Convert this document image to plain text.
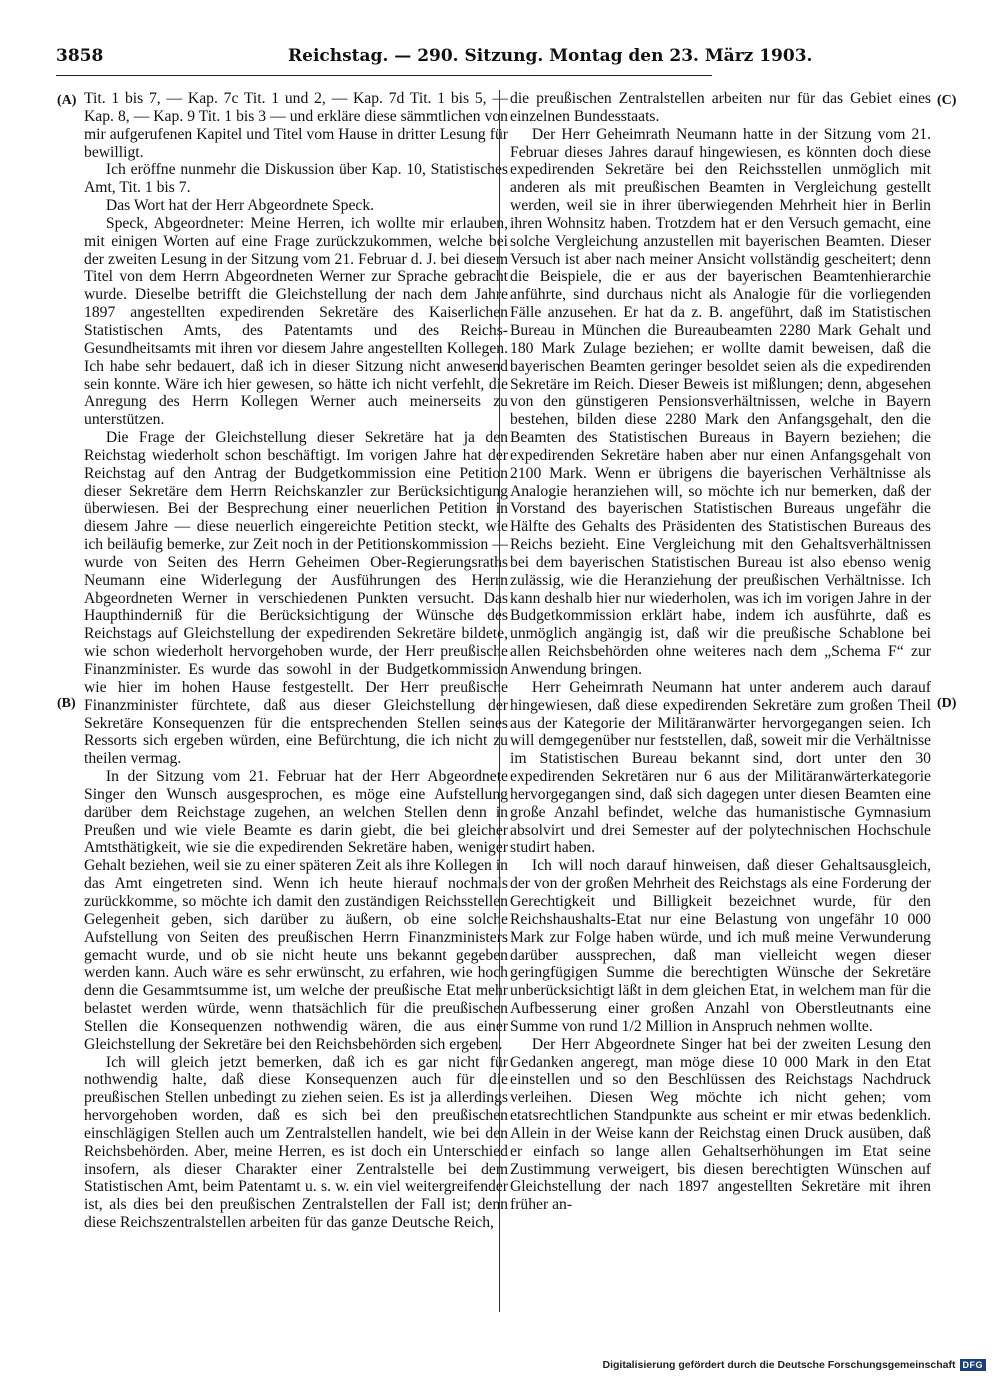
3858	Reichstag. — 290. Sitzung. Montag den 23. März 1903.
(A)
(B)
(C)
(D)

Tit. 1 bis 7, — Kap. 7c Tit. 1 und 2, — Kap. 7d Tit. 1 bis 5, — Kap. 8, — Kap. 9 Tit. 1 bis 3 — und erkläre diese sämmtlichen von mir aufgerufenen Kapitel und Titel vom Hause in dritter Lesung für bewilligt.

Ich eröffne nunmehr die Diskussion über Kap. 10, Statistisches Amt, Tit. 1 bis 7.

Das Wort hat der Herr Abgeordnete Speck.

Speck, Abgeordneter: Meine Herren, ich wollte mir erlauben, mit einigen Worten auf eine Frage zurückzukommen, welche bei der zweiten Lesung in der Sitzung vom 21. Februar d. J. bei diesem Titel von dem Herrn Abgeordneten Werner zur Sprache gebracht wurde. Dieselbe betrifft die Gleichstellung der nach dem Jahre 1897 angestellten expedirenden Sekretäre des Kaiserlichen Statistischen Amts, des Patentamts und des Reichs-Gesundheitsamts mit ihren vor diesem Jahre angestellten Kollegen. Ich habe sehr bedauert, daß ich in dieser Sitzung nicht anwesend sein konnte. Wäre ich hier gewesen, so hätte ich nicht verfehlt, die Anregung des Herrn Kollegen Werner auch meinerseits zu unterstützen.

Die Frage der Gleichstellung dieser Sekretäre hat ja den Reichstag wiederholt schon beschäftigt. Im vorigen Jahre hat der Reichstag auf den Antrag der Budgetkommission eine Petition dieser Sekretäre dem Herrn Reichskanzler zur Berücksichtigung überwiesen. Bei der Besprechung einer neuerlichen Petition in diesem Jahre — diese neuerlich eingereichte Petition steckt, wie ich beiläufig bemerke, zur Zeit noch in der Petitionskommission — wurde von Seiten des Herrn Geheimen Ober-Regierungsraths Neumann eine Widerlegung der Ausführungen des Herrn Abgeordneten Werner in verschiedenen Punkten versucht. Das Haupthinderniß für die Berücksichtigung der Wünsche des Reichstags auf Gleichstellung der expedirenden Sekretäre bildete, wie schon wiederholt hervorgehoben wurde, der Herr preußische Finanzminister. Es wurde das sowohl in der Budgetkommission wie hier im hohen Hause festgestellt. Der Herr preußische Finanzminister fürchtete, daß aus dieser Gleichstellung der Sekretäre Konsequenzen für die entsprechenden Stellen seines Ressorts sich ergeben würden, eine Befürchtung, die ich nicht zu theilen vermag.

In der Sitzung vom 21. Februar hat der Herr Abgeordnete Singer den Wunsch ausgesprochen, es möge eine Aufstellung darüber dem Reichstage zugehen, an welchen Stellen denn in Preußen und wie viele Beamte es darin giebt, die bei gleicher Amtsthätigkeit, wie sie die expedirenden Sekretäre haben, weniger Gehalt beziehen, weil sie zu einer späteren Zeit als ihre Kollegen in das Amt eingetreten sind. Wenn ich heute hierauf nochmals zurückkomme, so möchte ich damit den zuständigen Reichsstellen Gelegenheit geben, sich darüber zu äußern, ob eine solche Aufstellung von Seiten des preußischen Herrn Finanzministers gemacht wurde, und ob sie nicht heute uns bekannt gegeben werden kann. Auch wäre es sehr erwünscht, zu erfahren, wie hoch denn die Gesammtsumme ist, um welche der preußische Etat mehr belastet werden würde, wenn thatsächlich für die preußischen Stellen die Konsequenzen nothwendig wären, die aus einer Gleichstellung der Sekretäre bei den Reichsbehörden sich ergeben.

Ich will gleich jetzt bemerken, daß ich es gar nicht für nothwendig halte, daß diese Konsequenzen auch für die preußischen Stellen unbedingt zu ziehen seien. Es ist ja allerdings hervorgehoben worden, daß es sich bei den preußischen einschlägigen Stellen auch um Zentralstellen handelt, wie bei den Reichsbehörden. Aber, meine Herren, es ist doch ein Unterschied insofern, als dieser Charakter einer Zentralstelle bei dem Statistischen Amt, beim Patentamt u. s. w. ein viel weitergreifender ist, als dies bei den preußischen Zentralstellen der Fall ist; denn diese Reichszentralstellen arbeiten für das ganze Deutsche Reich,

die preußischen Zentralstellen arbeiten nur für das Gebiet eines einzelnen Bundesstaats.

Der Herr Geheimrath Neumann hatte in der Sitzung vom 21. Februar dieses Jahres darauf hingewiesen, es könnten doch diese expedirenden Sekretäre bei den Reichsstellen unmöglich mit anderen als mit preußischen Beamten in Vergleichung gestellt werden, weil sie in ihrer überwiegenden Mehrheit hier in Berlin ihren Wohnsitz haben. Trotzdem hat er den Versuch gemacht, eine solche Vergleichung anzustellen mit bayerischen Beamten. Dieser Versuch ist aber nach meiner Ansicht vollständig gescheitert; denn die Beispiele, die er aus der bayerischen Beamtenhierarchie anführte, sind durchaus nicht als Analogie für die vorliegenden Fälle anzusehen. Er hat da z. B. angeführt, daß im Statistischen Bureau in München die Bureaubeamten 2280 Mark Gehalt und 180 Mark Zulage beziehen; er wollte damit beweisen, daß die bayerischen Beamten geringer besoldet seien als die expedirenden Sekretäre im Reich. Dieser Beweis ist mißlungen; denn, abgesehen von den günstigeren Pensionsverhältnissen, welche in Bayern bestehen, bilden diese 2280 Mark den Anfangsgehalt, den die Beamten des Statistischen Bureaus in Bayern beziehen; die expedirenden Sekretäre haben aber nur einen Anfangsgehalt von 2100 Mark. Wenn er übrigens die bayerischen Verhältnisse als Analogie heranziehen will, so möchte ich nur bemerken, daß der Vorstand des bayerischen Statistischen Bureaus ungefähr die Hälfte des Gehalts des Präsidenten des Statistischen Bureaus des Reichs bezieht. Eine Vergleichung mit den Gehaltsverhältnissen bei dem bayerischen Statistischen Bureau ist also ebenso wenig zulässig, wie die Heranziehung der preußischen Verhältnisse. Ich kann deshalb hier nur wiederholen, was ich im vorigen Jahre in der Budgetkommission erklärt habe, indem ich ausführte, daß es unmöglich angängig ist, daß wir die preußische Schablone bei allen Reichsbehörden ohne weiteres nach dem „Schema F“ zur Anwendung bringen.

Herr Geheimrath Neumann hat unter anderem auch darauf hingewiesen, daß diese expedirenden Sekretäre zum großen Theil aus der Kategorie der Militäranwärter hervorgegangen seien. Ich will demgegenüber nur feststellen, daß, soweit mir die Verhältnisse im Statistischen Bureau bekannt sind, dort unter den 30 expedirenden Sekretären nur 6 aus der Militäranwärterkategorie hervorgegangen sind, daß sich dagegen unter diesen Beamten eine große Anzahl befindet, welche das humanistische Gymnasium absolvirt und drei Semester auf der polytechnischen Hochschule studirt haben.

Ich will noch darauf hinweisen, daß dieser Gehaltsausgleich, der von der großen Mehrheit des Reichstags als eine Forderung der Gerechtigkeit und Billigkeit bezeichnet wurde, für den Reichshaushalts-Etat nur eine Belastung von ungefähr 10 000 Mark zur Folge haben würde, und ich muß meine Verwunderung darüber aussprechen, daß man vielleicht wegen dieser geringfügigen Summe die berechtigten Wünsche der Sekretäre unberücksichtigt läßt in dem gleichen Etat, in welchem man für die Aufbesserung einer großen Anzahl von Oberstleutnants eine Summe von rund 1/2 Million in Anspruch nehmen wollte.

Der Herr Abgeordnete Singer hat bei der zweiten Lesung den Gedanken angeregt, man möge diese 10 000 Mark in den Etat einstellen und so den Beschlüssen des Reichstags Nachdruck verleihen. Diesen Weg möchte ich nicht gehen; vom etatsrechtlichen Standpunkte aus scheint er mir etwas bedenklich. Allein in der Weise kann der Reichstag einen Druck ausüben, daß er einfach so lange allen Gehaltserhöhungen im Etat seine Zustimmung verweigert, bis diesen berechtigten Wünschen auf Gleichstellung der nach 1897 angestellten Sekretäre mit ihren früher an-

Digitalisierung gefördert durch die Deutsche Forschungsgemeinschaft DFG
